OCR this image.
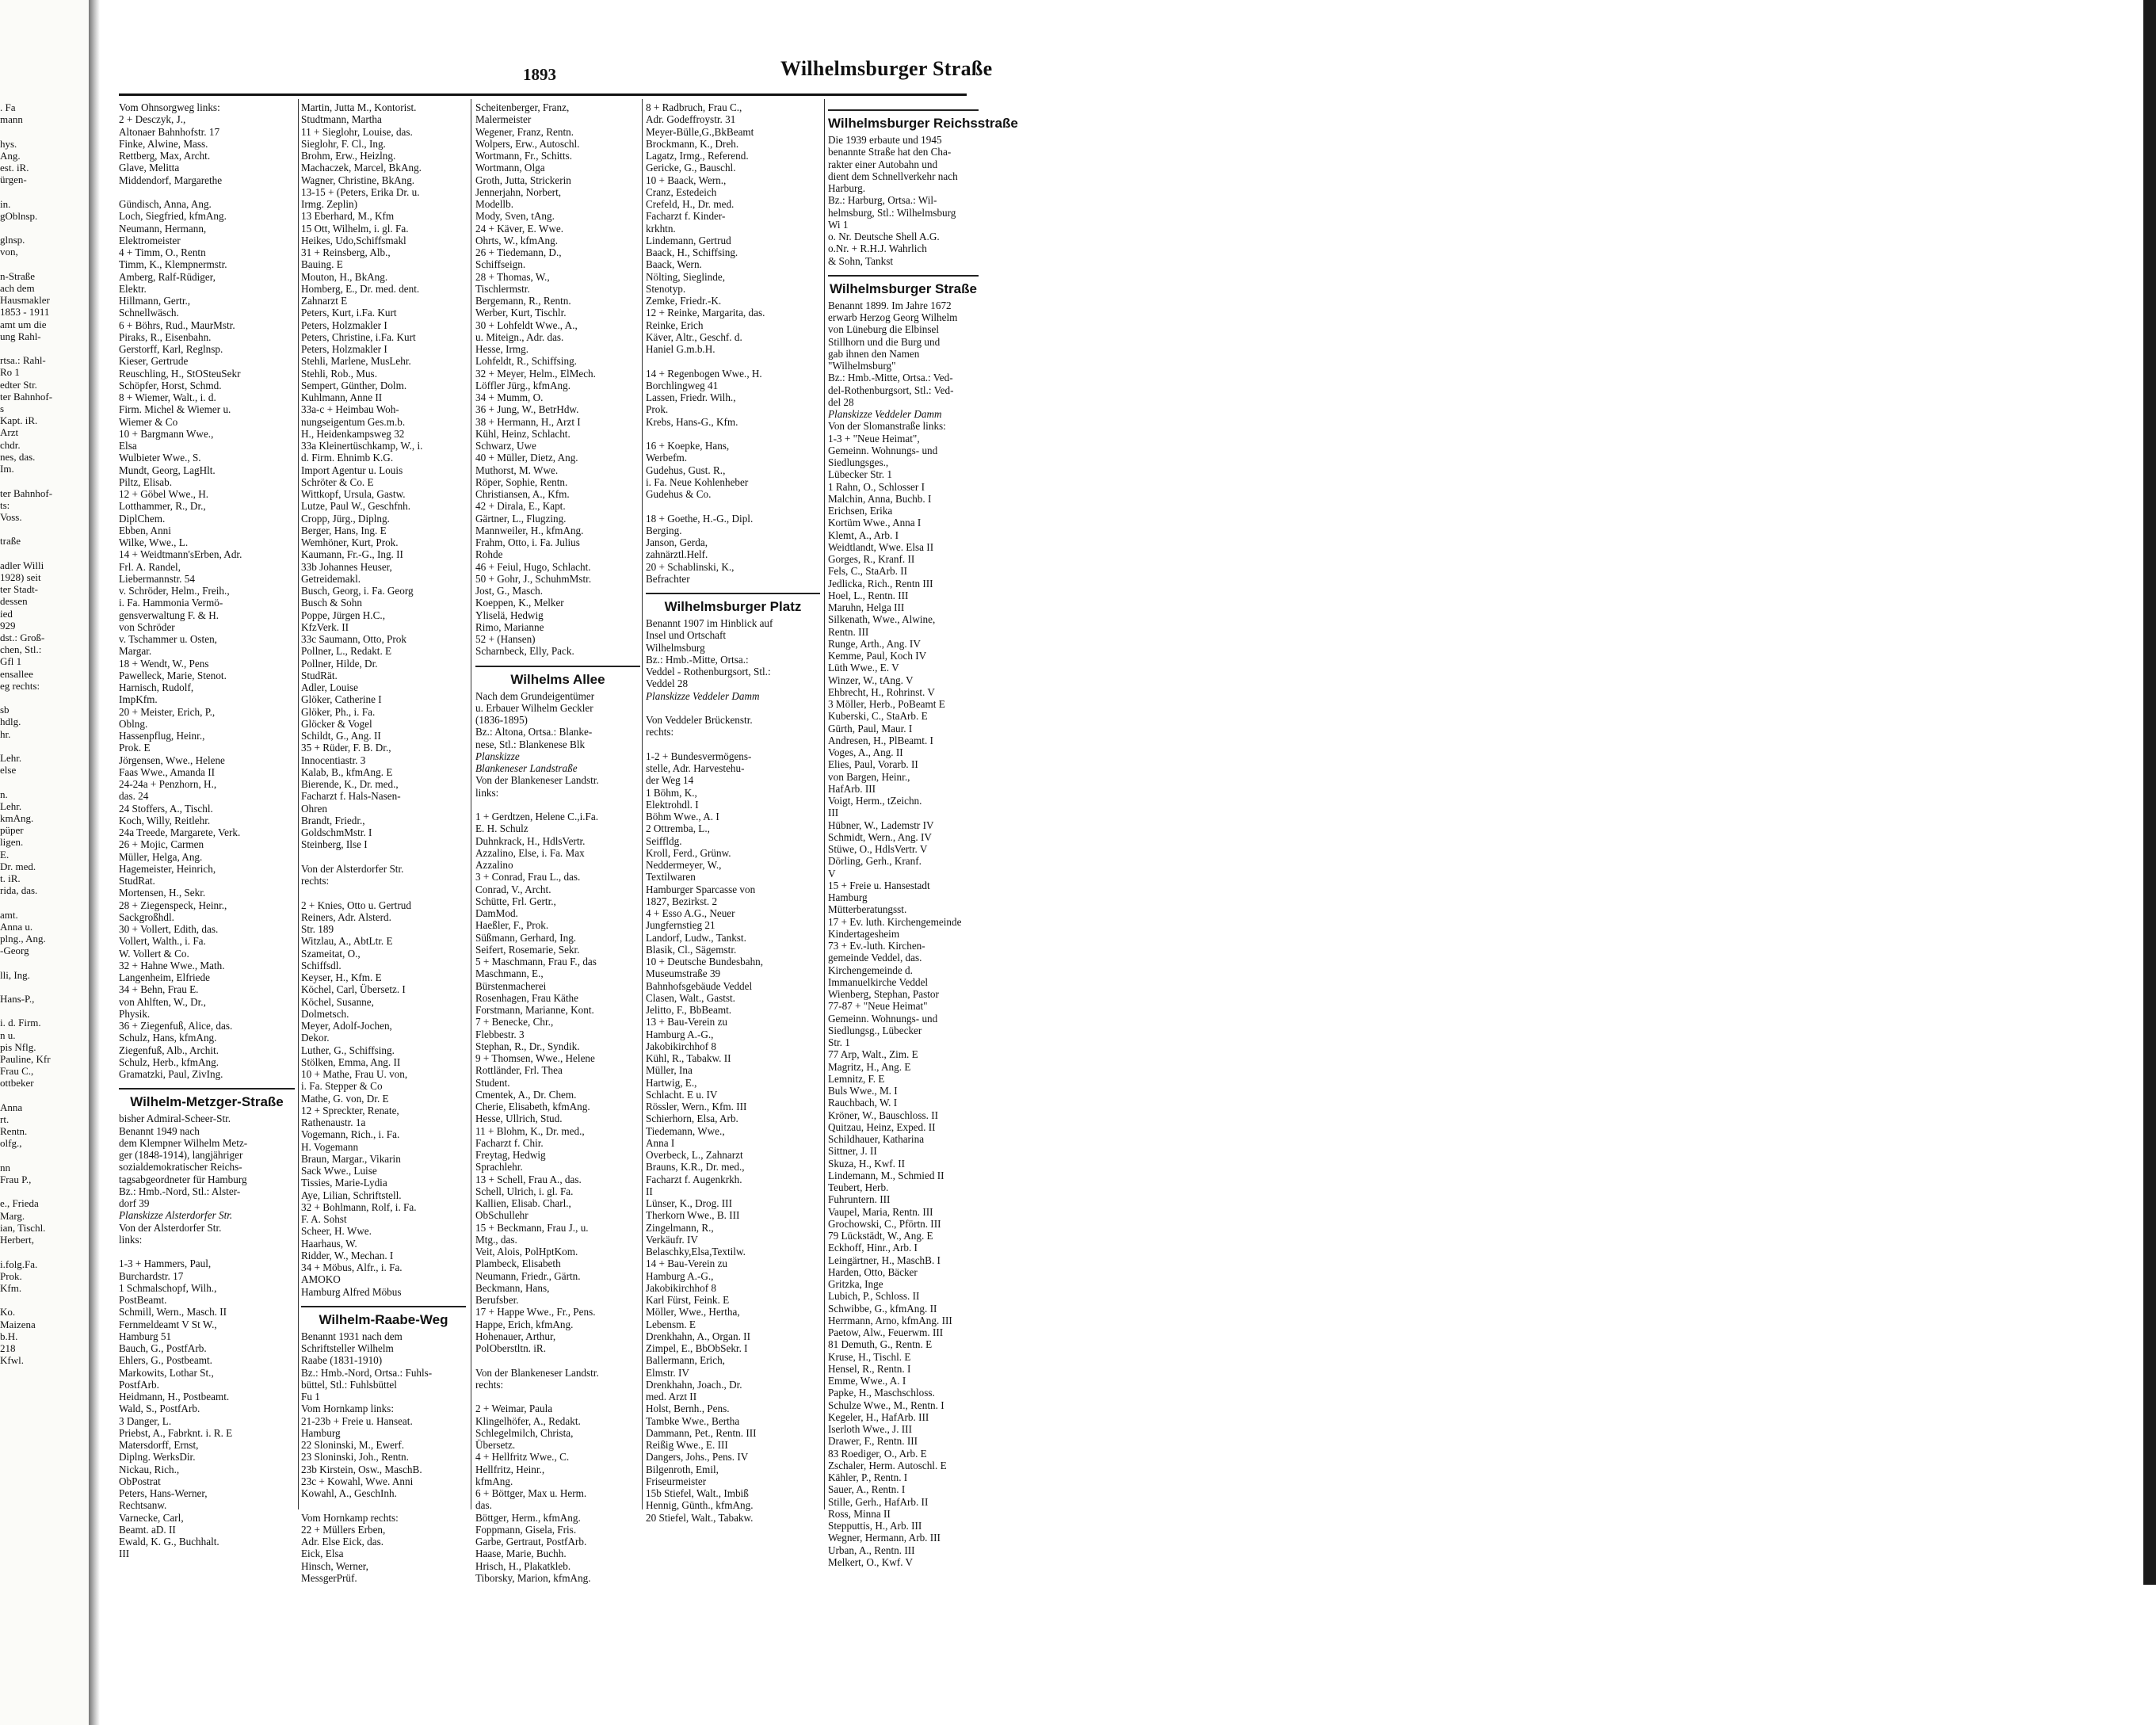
. Fa
mann

hys.
Ang.
est. iR.
ürgen-

in.
gOblnsp.

glnsp.
von,

n-Straße
ach dem
Hausmakler
1853 - 1911
amt um die
ung Rahl-

rtsa.: Rahl-
Ro 1
edter Str.
ter Bahnhof-
s
Kapt. iR.
Arzt
chdr.
nes, das.
Im.

ter Bahnhof-
ts:
Voss.

traße

adler Willi
1928) seit
ter Stadt-
dessen
ied
929
dst.: Groß-
chen, Stl.:
Gfl 1
ensallee
eg rechts:

sb
hdlg.
hr.

Lehr.
else

n.
Lehr.
kmAng.
püper
ligen.
E.
Dr. med.
t. iR.
rida, das.

amt.
Anna u.
plng., Ang.
-Georg

lli, Ing.

Hans-P.,

i. d. Firm.
n u.
pis Nflg.
Pauline, Kfr
Frau C.,
ottbeker

Anna
rt.
Rentn.
olfg.,

nn
Frau P.,

e., Frieda
Marg.
ian, Tischl.
Herbert,

i.folg.Fa.
Prok.
Kfm.

Ko.
Maizena
b.H.
218
Kfwl.
1893	Wilhelmsburger Straße
Vom Ohnsorgweg links:
2 + Desczyk, J.,
Altonaer Bahnhofstr. 17
Finke, Alwine, Mass.
Rettberg, Max, Archt.
Glave, Melitta
Middendorf, Margarethe

Gündisch, Anna, Ang.
Loch, Siegfried, kfmAng.
Neumann, Hermann,
Elektromeister
4 + Timm, O., Rentn
Timm, K., Klempnermstr.
Amberg, Ralf-Rüdiger,
Elektr.
Hillmann, Gertr.,
Schnellwäsch.
6 + Böhrs, Rud., MaurMstr.
Piraks, R., Eisenbahn.
Gerstorff, Karl, Reglnsp.
Kieser, Gertrude
Reuschling, H., StOSteuSekr
Schöpfer, Horst, Schmd.
8 + Wiemer, Walt., i. d.
Firm. Michel & Wiemer u.
Wiemer & Co
10 + Bargmann Wwe.,
Elsa
Wulbieter Wwe., S.
Mundt, Georg, LagHlt.
Piltz, Elisab.
12 + Göbel Wwe., H.
Lotthammer, R., Dr.,
DiplChem.
Ebben, Anni
Wilke, Wwe., L.
14 + Weidtmann'sErben, Adr.
Frl. A. Randel,
Liebermannstr. 54
v. Schröder, Helm., Freih.,
i. Fa. Hammonia Vermö-
gensverwaltung F. & H.
von Schröder
v. Tschammer u. Osten,
Margar.
18 + Wendt, W., Pens
Pawelleck, Marie, Stenot.
Harnisch, Rudolf,
ImpKfm.
20 + Meister, Erich, P.,
Oblng.
Hassenpflug, Heinr.,
Prok. E
Jörgensen, Wwe., Helene
Faas Wwe., Amanda II
24-24a + Penzhorn, H.,
das. 24
24 Stoffers, A., Tischl.
Koch, Willy, Reitlehr.
24a Treede, Margarete, Verk.
26 + Mojic, Carmen
Müller, Helga, Ang.
Hagemeister, Heinrich,
StudRat.
Mortensen, H., Sekr.
28 + Ziegenspeck, Heinr.,
Sackgroßhdl.
30 + Vollert, Edith, das.
Vollert, Walth., i. Fa.
W. Vollert & Co.
32 + Hahne Wwe., Math.
Langenheim, Elfriede
34 + Behn, Frau E.
von Ahlften, W., Dr.,
Physik.
36 + Ziegenfuß, Alice, das.
Schulz, Hans, kfmAng.
Ziegenfuß, Alb., Archit.
Schulz, Herb., kfmAng.
Gramatzki, Paul, ZivIng.
Wilhelm-Metzger-Straße
bisher Admiral-Scheer-Str.
Benannt 1949 nach
dem Klempner Wilhelm Metz-
ger (1848-1914), langjähriger
sozialdemokratischer Reichs-
tagsabgeordneter für Hamburg
Bz.: Hmb.-Nord, Stl.: Alster-
dorf 39
Planskizze Alsterdorfer Str.
Von der Alsterdorfer Str.
links:

1-3 + Hammers, Paul,
Burchardstr. 17
1 Schmalschopf, Wilh.,
PostBeamt.
Schmill, Wern., Masch. II
Fernmeldeamt V St W.,
Hamburg 51
Bauch, G., PostfArb.
Ehlers, G., Postbeamt.
Markowits, Lothar St.,
PostfArb.
Heidmann, H., Postbeamt.
Wald, S., PostfArb.
3 Danger, L.
Priebst, A., Fabrknt. i. R. E
Matersdorff, Ernst,
Diplng. WerksDir.
Nickau, Rich.,
ObPostrat
Peters, Hans-Werner,
Rechtsanw.
Varnecke, Carl,
Beamt. aD. II
Ewald, K. G., Buchhalt.
III
Martin, Jutta M., Kontorist.
Studtmann, Martha
11 + Sieglohr, Louise, das.
Sieglohr, F. Cl., Ing.
Brohm, Erw., Heizlng.
Machaczek, Marcel, BkAng.
Wagner, Christine, BkAng.
13-15 + (Peters, Erika Dr. u.
Irmg. Zeplin)
13 Eberhard, M., Kfm
15 Ott, Wilhelm, i. gl. Fa.
Heikes, Udo,Schiffsmakl
31 + Reinsberg, Alb.,
Bauing. E
Mouton, H., BkAng.
Homberg, E., Dr. med. dent.
Zahnarzt E
Peters, Kurt, i.Fa. Kurt
Peters, Holzmakler I
Peters, Christine, i.Fa. Kurt
Peters, Holzmakler I
Stehli, Marlene, MusLehr.
Stehli, Rob., Mus.
Sempert, Günther, Dolm.
Kuhlmann, Anne II
33a-c + Heimbau Woh-
nungseigentum Ges.m.b.
H., Heidenkampsweg 32
33a Kleinertüschkamp, W., i.
d. Firm. Ehnimb K.G.
Import Agentur u. Louis
Schröter & Co. E
Wittkopf, Ursula, Gastw.
Lutze, Paul W., Geschfnh.
Cropp, Jürg., Diplng.
Berger, Hans, Ing. E
Wemhöner, Kurt, Prok.
Kaumann, Fr.-G., Ing. II
33b Johannes Heuser,
Getreidemakl.
Busch, Georg, i. Fa. Georg
Busch & Sohn
Poppe, Jürgen H.C.,
KfzVerk. II
33c Saumann, Otto, Prok
Pollner, L., Redakt. E
Pollner, Hilde, Dr.
StudRät.
Adler, Louise
Glöker, Catherine I
Glöker, Ph., i. Fa.
Glöcker & Vogel
Schildt, G., Ang. II
35 + Rüder, F. B. Dr.,
Innocentiastr. 3
Kalab, B., kfmAng. E
Bierende, K., Dr. med.,
Facharzt f. Hals-Nasen-
Ohren
Brandt, Friedr.,
GoldschmMstr. I
Steinberg, Ilse I

Von der Alsterdorfer Str.
rechts:

2 + Knies, Otto u. Gertrud
Reiners, Adr. Alsterd.
Str. 189
Witzlau, A., AbtLtr. E
Szameitat, O.,
Schiffsdl.
Keyser, H., Kfm. E
Köchel, Carl, Übersetz. I
Köchel, Susanne,
Dolmetsch.
Meyer, Adolf-Jochen,
Dekor.
Luther, G., Schiffsing.
Stölken, Emma, Ang. II
10 + Mathe, Frau U. von,
i. Fa. Stepper & Co
Mathe, G. von, Dr. E
12 + Spreckter, Renate,
Rathenaustr. 1a
Vogemann, Rich., i. Fa.
H. Vogemann
Braun, Margar., Vikarin
Sack Wwe., Luise
Tissies, Marie-Lydia
Aye, Lilian, Schriftstell.
32 + Bohlmann, Rolf, i. Fa.
F. A. Sohst
Scheer, H. Wwe.
Haarhaus, W.
Ridder, W., Mechan. I
34 + Möbus, Alfr., i. Fa.
AMOKO
Hamburg Alfred Möbus
Wilhelm-Raabe-Weg
Benannt 1931 nach dem
Schriftsteller Wilhelm
Raabe (1831-1910)
Bz.: Hmb.-Nord, Ortsa.: Fuhls-
büttel, Stl.: Fuhlsbüttel
Fu 1
Vom Hornkamp links:
21-23b + Freie u. Hanseat.
Hamburg
22 Sloninski, M., Ewerf.
23 Sloninski, Joh., Rentn.
23b Kirstein, Osw., MaschB.
23c + Kowahl, Wwe. Anni
Kowahl, A., GeschInh.

Vom Hornkamp rechts:
22 + Müllers Erben,
Adr. Else Eick, das.
Eick, Elsa
Hinsch, Werner,
MessgerPrüf.
Scheitenberger, Franz,
Malermeister
Wegener, Franz, Rentn.
Wolpers, Erw., Autoschl.
Wortmann, Fr., Schitts.
Wortmann, Olga
Groth, Jutta, Strickerin
Jennerjahn, Norbert,
Modellb.
Mody, Sven, tAng.
24 + Käver, E. Wwe.
Ohrts, W., kfmAng.
26 + Tiedemann, D.,
Schiffseign.
28 + Thomas, W.,
Tischlermstr.
Bergemann, R., Rentn.
Werber, Kurt, Tischlr.
30 + Lohfeldt Wwe., A.,
u. Miteign., Adr. das.
Hesse, Irmg.
Lohfeldt, R., Schiffsing.
32 + Meyer, Helm., ElMech.
Löffler Jürg., kfmAng.
34 + Mumm, O.
36 + Jung, W., BetrHdw.
38 + Hermann, H., Arzt I
Kühl, Heinz, Schlacht.
Schwarz, Uwe
40 + Müller, Dietz, Ang.
Muthorst, M. Wwe.
Röper, Sophie, Rentn.
Christiansen, A., Kfm.
42 + Dirala, E., Kapt.
Gärtner, L., Flugzing.
Mannweiler, H., kfmAng.
Frahm, Otto, i. Fa. Julius
Rohde
46 + Feiul, Hugo, Schlacht.
50 + Gohr, J., SchuhmMstr.
Jost, G., Masch.
Koeppen, K., Melker
Yliselä, Hedwig
Rimo, Marianne
52 + (Hansen)
Scharnbeck, Elly, Pack.
Wilhelms Allee
Nach dem Grundeigentümer
u. Erbauer Wilhelm Geckler
(1836-1895)
Bz.: Altona, Ortsa.: Blanke-
nese, Stl.: Blankenese Blk
Planskizze
Blankeneser Landstraße
Von der Blankeneser Landstr.
links:

1 + Gerdtzen, Helene C.,i.Fa.
E. H. Schulz
Duhnkrack, H., HdlsVertr.
Azzalino, Else, i. Fa. Max
Azzalino
3 + Conrad, Frau L., das.
Conrad, V., Archt.
Schütte, Frl. Gertr.,
DamMod.
Haeßler, F., Prok.
Süßmann, Gerhard, Ing.
Seifert, Rosemarie, Sekr.
5 + Maschmann, Frau F., das
Maschmann, E.,
Bürstenmacherei
Rosenhagen, Frau Käthe
Forstmann, Marianne, Kont.
7 + Benecke, Chr.,
Flebbestr. 3
Stephan, R., Dr., Syndik.
9 + Thomsen, Wwe., Helene
Rottländer, Frl. Thea
Student.
Cmentek, A., Dr. Chem.
Cherie, Elisabeth, kfmAng.
Hesse, Ullrich, Stud.
11 + Blohm, K., Dr. med.,
Facharzt f. Chir.
Freytag, Hedwig
Sprachlehr.
13 + Schell, Frau A., das.
Schell, Ulrich, i. gl. Fa.
Kallien, Elisab. Charl.,
ObSchullehr
15 + Beckmann, Frau J., u.
Mtg., das.
Veit, Alois, PolHptKom.
Plambeck, Elisabeth
Neumann, Friedr., Gärtn.
Beckmann, Hans,
Berufsber.
17 + Happe Wwe., Fr., Pens.
Happe, Erich, kfmAng.
Hohenauer, Arthur,
PolOberstltn. iR.

Von der Blankeneser Landstr.
rechts:

2 + Weimar, Paula
Klingelhöfer, A., Redakt.
Schlegelmilch, Christa,
Übersetz.
4 + Hellfritz Wwe., C.
Hellfritz, Heinr.,
kfmAng.
6 + Böttger, Max u. Herm.
das.
Böttger, Herm., kfmAng.
Foppmann, Gisela, Fris.
Garbe, Gertraut, PostfArb.
Haase, Marie, Buchh.
Hrisch, H., Plakatkleb.
Tiborsky, Marion, kfmAng.
8 + Radbruch, Frau C.,
Adr. Godeffroystr. 31
Meyer-Bülle,G.,BkBeamt
Brockmann, K., Dreh.
Lagatz, Irmg., Referend.
Gericke, G., Bauschl.
10 + Baack, Wern.,
Cranz, Estedeich
Crefeld, H., Dr. med.
Facharzt f. Kinder-
krkhtn.
Lindemann, Gertrud
Baack, H., Schiffsing.
Baack, Wern.
Nölting, Sieglinde,
Stenotyp.
Zemke, Friedr.-K.
12 + Reinke, Margarita, das.
Reinke, Erich
Käver, Altr., Geschf. d.
Haniel G.m.b.H.

14 + Regenbogen Wwe., H.
Borchlingweg 41
Lassen, Friedr. Wilh.,
Prok.
Krebs, Hans-G., Kfm.

16 + Koepke, Hans,
Werbefm.
Gudehus, Gust. R.,
i. Fa. Neue Kohlenheber
Gudehus & Co.

18 + Goethe, H.-G., Dipl.
Berging.
Janson, Gerda,
zahnärztl.Helf.
20 + Schablinski, K.,
Befrachter
Wilhelmsburger Platz
Benannt 1907 im Hinblick auf
Insel und Ortschaft
Wilhelmsburg
Bz.: Hmb.-Mitte, Ortsa.:
Veddel - Rothenburgsort, Stl.:
Veddel 28
Planskizze Veddeler Damm

Von Veddeler Brückenstr.
rechts:

1-2 + Bundesvermögens-
stelle, Adr. Harvestehu-
der Weg 14
1 Böhm, K.,
Elektrohdl. I
Böhm Wwe., A. I
2 Ottremba, L.,
Seiffldg.
Kroll, Ferd., Grünw.
Neddermeyer, W.,
Textilwaren
Hamburger Sparcasse von
1827, Bezirkst. 2
4 + Esso A.G., Neuer
Jungfernstieg 21
Landorf, Ludw., Tankst.
Blasik, Cl., Sägemstr.
10 + Deutsche Bundesbahn,
Museumstraße 39
Bahnhofsgebäude Veddel
Clasen, Walt., Gastst.
Jelitto, F., BbBeamt.
13 + Bau-Verein zu
Hamburg A.-G.,
Jakobikirchhof 8
Kühl, R., Tabakw. II
Müller, Ina
Hartwig, E.,
Schlacht. E u. IV
Rössler, Wern., Kfm. III
Schierhorn, Elsa, Arb.
Tiedemann, Wwe.,
Anna I
Overbeck, L., Zahnarzt
Brauns, K.R., Dr. med.,
Facharzt f. Augenkrkh.
II
Lünser, K., Drog. III
Therkorn Wwe., B. III
Zingelmann, R.,
Verkäufr. IV
Belaschky,Elsa,Textilw.
14 + Bau-Verein zu
Hamburg A.-G.,
Jakobikirchhof 8
Karl Fürst, Feink. E
Möller, Wwe., Hertha,
Lebensm. E
Drenkhahn, A., Organ. II
Zimpel, E., BbObSekr. I
Ballermann, Erich,
Elmstr. IV
Drenkhahn, Joach., Dr.
med. Arzt II
Holst, Bernh., Pens.
Tambke Wwe., Bertha
Dammann, Pet., Rentn. III
Reißig Wwe., E. III
Dangers, Johs., Pens. IV
Bilgenroth, Emil,
Friseurmeister
15b Stiefel, Walt., Imbiß
Hennig, Günth., kfmAng.
20 Stiefel, Walt., Tabakw.
Wilhelmsburger Reichsstraße
Die 1939 erbaute und 1945
benannte Straße hat den Cha-
rakter einer Autobahn und
dient dem Schnellverkehr nach
Harburg.
Bz.: Harburg, Ortsa.: Wil-
helmsburg, Stl.: Wilhelmsburg
Wi 1
o. Nr. Deutsche Shell A.G.
o.Nr. + R.H.J. Wahrlich
& Sohn, Tankst
Wilhelmsburger Straße
Benannt 1899. Im Jahre 1672
erwarb Herzog Georg Wilhelm
von Lüneburg die Elbinsel
Stillhorn und die Burg und
gab ihnen den Namen
"Wilhelmsburg"
Bz.: Hmb.-Mitte, Ortsa.: Ved-
del-Rothenburgsort, Stl.: Ved-
del 28
Planskizze Veddeler Damm
Von der Slomanstraße links:
1-3 + "Neue Heimat",
Gemeinn. Wohnungs- und
Siedlungsges.,
Lübecker Str. 1
1 Rahn, O., Schlosser I
Malchin, Anna, Buchb. I
Erichsen, Erika
Kortüm Wwe., Anna I
Klemt, A., Arb. I
Weidtlandt, Wwe. Elsa II
Gorges, R., Kranf. II
Fels, C., StaArb. II
Jedlicka, Rich., Rentn III
Hoel, L., Rentn. III
Maruhn, Helga III
Silkenath, Wwe., Alwine,
Rentn. III
Runge, Arth., Ang. IV
Kemme, Paul, Koch IV
Lüth Wwe., E. V
Winzer, W., tAng. V
Ehbrecht, H., Rohrinst. V
3 Möller, Herb., PoBeamt E
Kuberski, C., StaArb. E
Gürth, Paul, Maur. I
Andresen, H., PlBeamt. I
Voges, A., Ang. II
Elies, Paul, Vorarb. II
von Bargen, Heinr.,
HafArb. III
Voigt, Herm., tZeichn.
III
Hübner, W., Lademstr IV
Schmidt, Wern., Ang. IV
Stüwe, O., HdlsVertr. V
Dörling, Gerh., Kranf.
V
15 + Freie u. Hansestadt
Hamburg
Mütterberatungsst.
17 + Ev. luth. Kirchengemeinde
Kindertagesheim
73 + Ev.-luth. Kirchen-
gemeinde Veddel, das.
Kirchengemeinde d.
Immanuelkirche Veddel
Wienberg, Stephan, Pastor
77-87 + "Neue Heimat"
Gemeinn. Wohnungs- und
Siedlungsg., Lübecker
Str. 1
77 Arp, Walt., Zim. E
Magritz, H., Ang. E
Lemnitz, F. E
Buls Wwe., M. I
Rauchbach, W. I
Kröner, W., Bauschloss. II
Quitzau, Heinz, Exped. II
Schildhauer, Katharina
Sittner, J. II
Skuza, H., Kwf. II
Lindemann, M., Schmied II
Teubert, Herb.
Fuhruntern. III
Vaupel, Maria, Rentn. III
Grochowski, C., Pförtn. III
79 Lückstädt, W., Ang. E
Eckhoff, Hinr., Arb. I
Leingärtner, H., MaschB. I
Harden, Otto, Bäcker
Gritzka, Inge
Lubich, P., Schloss. II
Schwibbe, G., kfmAng. II
Herrmann, Arno, kfmAng. III
Paetow, Alw., Feuerwm. III
81 Demuth, G., Rentn. E
Kruse, H., Tischl. E
Hensel, R., Rentn. I
Emme, Wwe., A. I
Papke, H., Maschschloss.
Schulze Wwe., M., Rentn. I
Kegeler, H., HafArb. III
Iserloth Wwe., J. III
Drawer, F., Rentn. III
83 Roediger, O., Arb. E
Zschaler, Herm. Autoschl. E
Kähler, P., Rentn. I
Sauer, A., Rentn. I
Stille, Gerh., HafArb. II
Ross, Minna II
Stepputtis, H., Arb. III
Wegner, Hermann, Arb. III
Urban, A., Rentn. III
Melkert, O., Kwf. V
